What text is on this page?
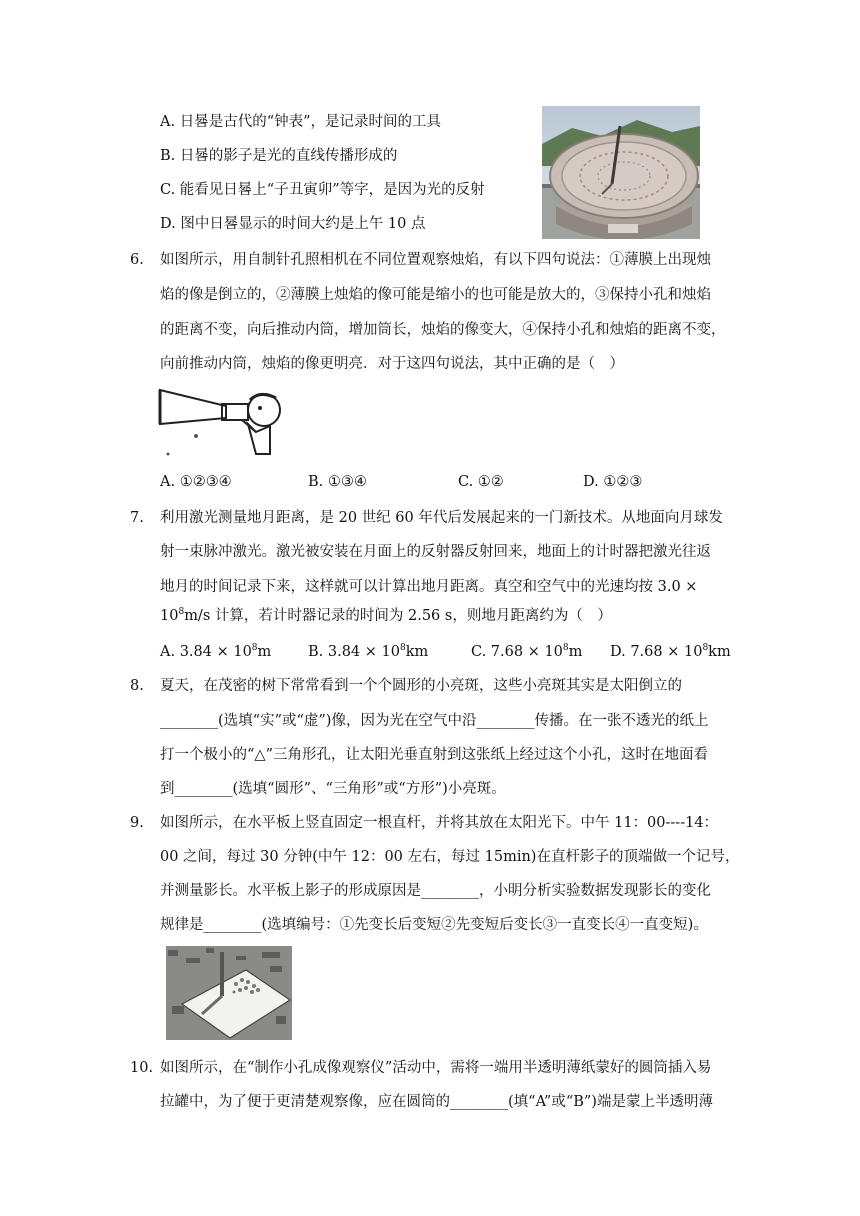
A. 日晷是古代的“钟表”，是记录时间的工具
B. 日晷的影子是光的直线传播形成的
C. 能看见日晷上“子丑寅卯”等字，是因为光的反射
D. 图中日晷显示的时间大约是上午 10 点
6. 如图所示，用自制针孔照相机在不同位置观察烛焰，有以下四句说法：①薄膜上出现烛
焰的像是倒立的，②薄膜上烛焰的像可能是缩小的也可能是放大的，③保持小孔和烛焰
的距离不变，向后推动内筒，增加筒长，烛焰的像变大，④保持小孔和烛焰的距离不变，
向前推动内筒，烛焰的像更明亮．对于这四句说法，其中正确的是（　）
A. ①②③④	B. ①③④	C. ①②	D. ①②③
7. 利用激光测量地月距离，是 20 世纪 60 年代后发展起来的一门新技术。从地面向月球发
射一束脉冲激光。激光被安装在月面上的反射器反射回来，地面上的计时器把激光往返
地月的时间记录下来，这样就可以计算出地月距离。真空和空气中的光速均按 3.0 ×
$10^8m/s$ 计算，若计时器记录的时间为 2.56 s，则地月距离约为（　）
A. $3.84 \times 10^8m$	B. $3.84 \times 10^8km$	C. $7.68 \times 10^8m$ D. $7.68 \times 10^8km$
8. 夏天，在茂密的树下常常看到一个个圆形的小亮斑，这些小亮斑其实是太阳倒立的
________(选填“实”或“虚”)像，因为光在空气中沿________传播。在一张不透光的纸上
打一个极小的“△”三角形孔，让太阳光垂直射到这张纸上经过这个小孔，这时在地面看
到________(选填“圆形”、“三角形”或“方形”)小亮斑。
9. 如图所示，在水平板上竖直固定一根直杆，并将其放在太阳光下。中午 11：00----14：
00 之间，每过 30 分钟(中午 12：00 左右，每过 15min)在直杆影子的顶端做一个记号，
并测量影长。水平板上影子的形成原因是________，小明分析实验数据发现影长的变化
规律是________(选填编号：①先变长后变短②先变短后变长③一直变长④一直变短)。
10. 如图所示，在“制作小孔成像观察仪”活动中，需将一端用半透明薄纸蒙好的圆筒插入易
拉罐中，为了便于更清楚观察像，应在圆筒的________(填“A”或“B”)端是蒙上半透明薄
